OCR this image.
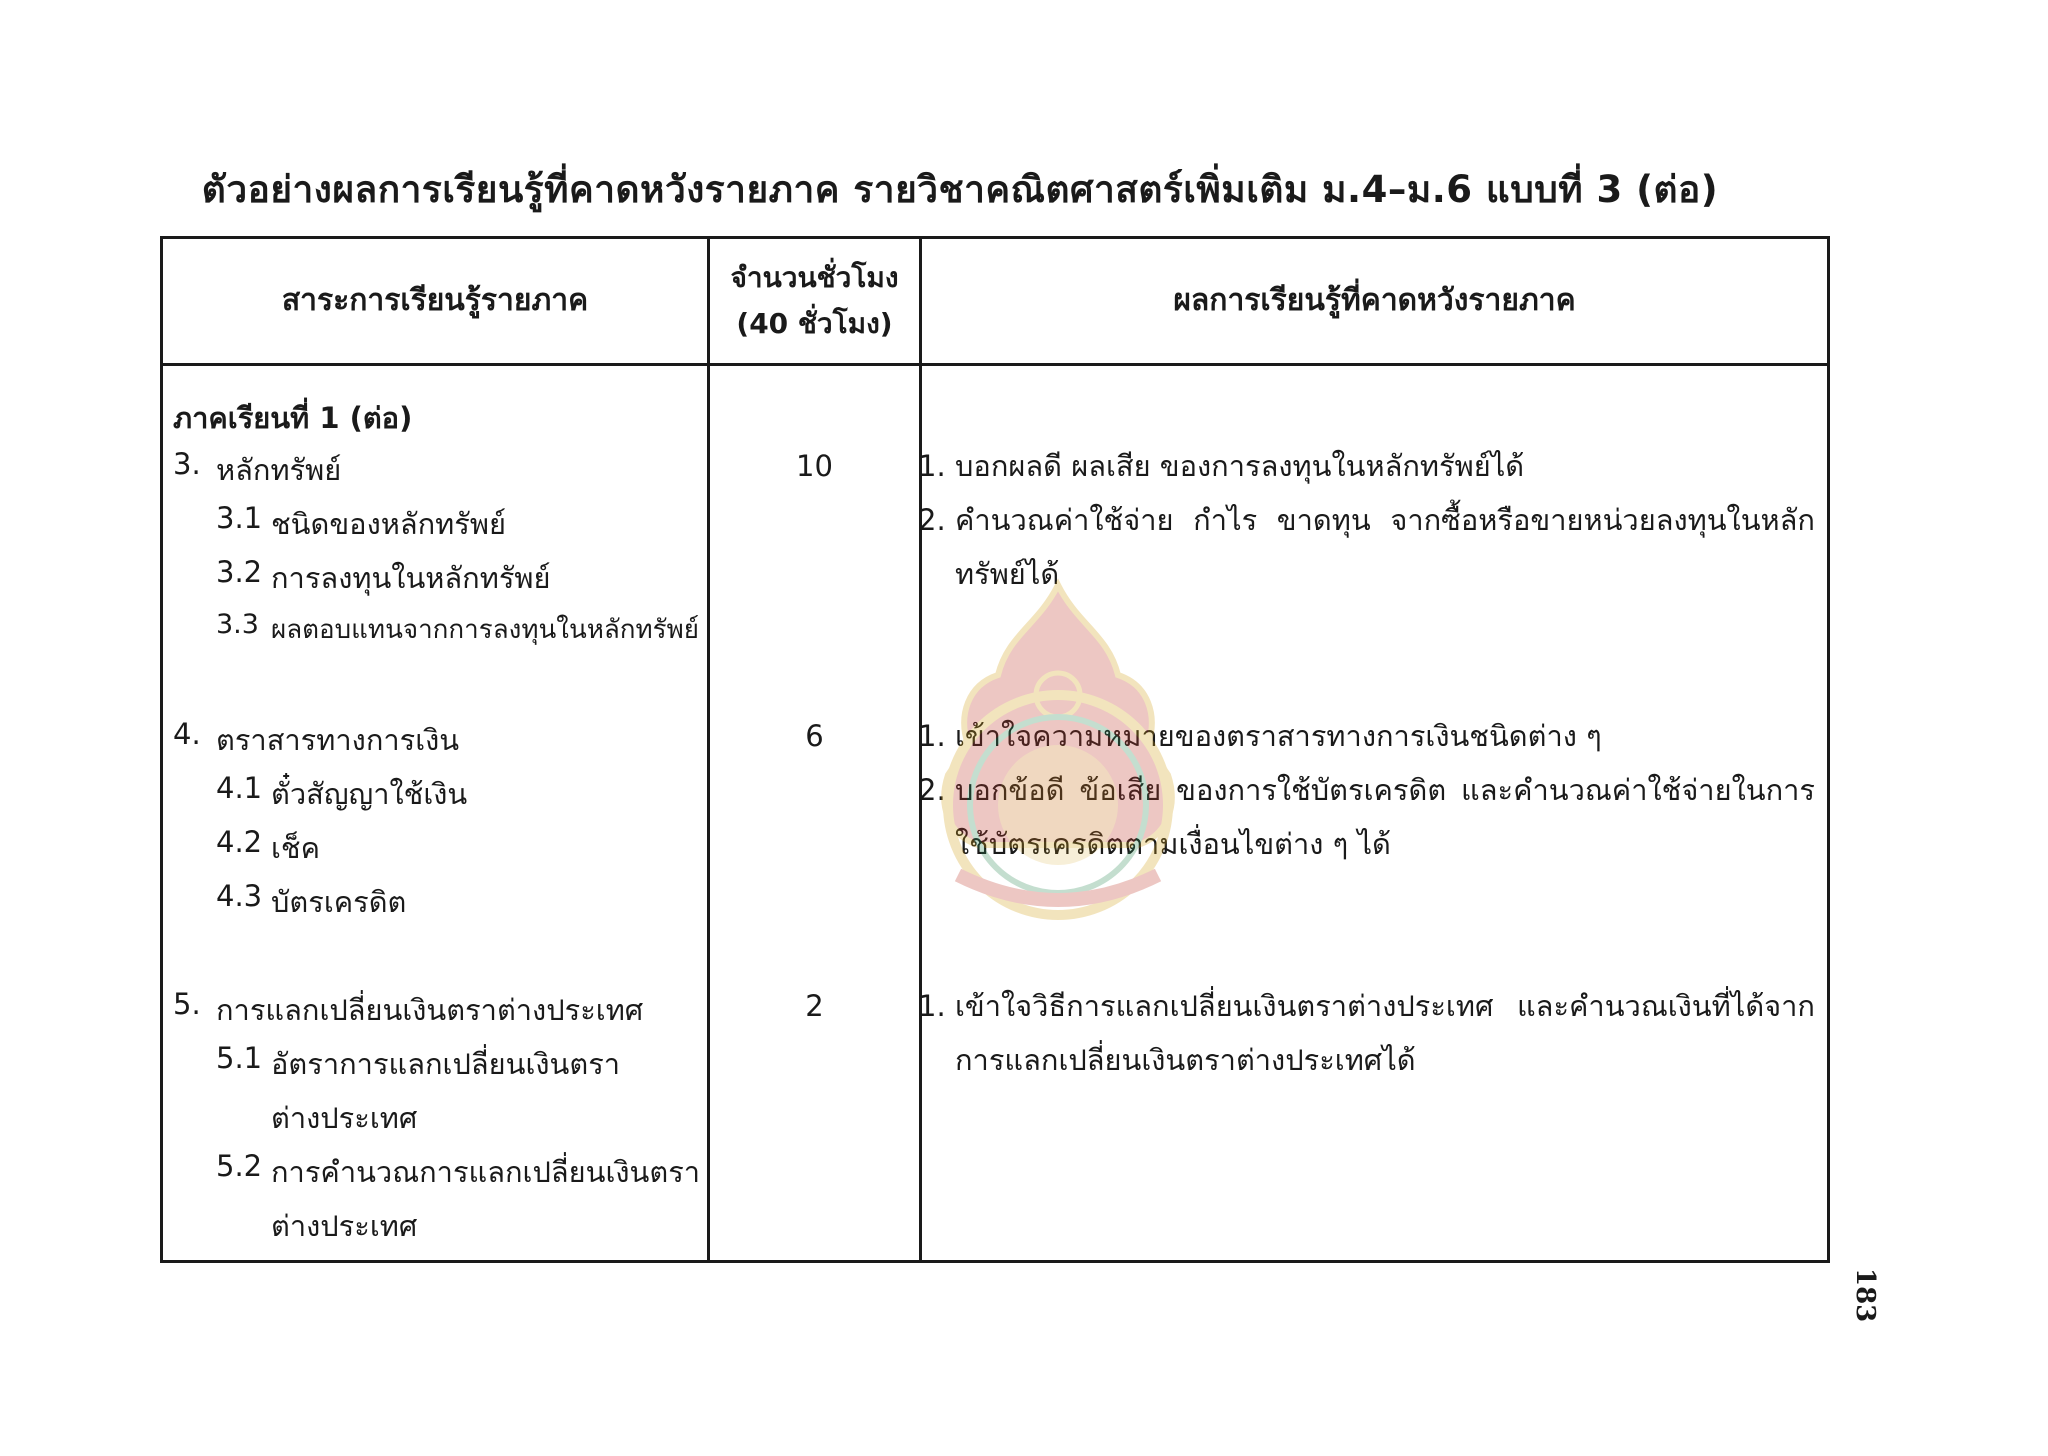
ตัวอย่างผลการเรียนรู้ที่คาดหวังรายภาค รายวิชาคณิตศาสตร์เพิ่มเติม ม.4–ม.6 แบบที่ 3 (ต่อ)
สาระการเรียนรู้รายภาค
จำนวนชั่วโมง
(40 ชั่วโมง)
ผลการเรียนรู้ที่คาดหวังรายภาค
ภาคเรียนที่ 1 (ต่อ)
3. หลักทรัพย์
3.1 ชนิดของหลักทรัพย์
3.2 การลงทุนในหลักทรัพย์
3.3 ผลตอบแทนจากการลงทุนในหลักทรัพย์
10	1. บอกผลดี ผลเสีย ของการลงทุนในหลักทรัพย์ได้
2. คำนวณค่าใช้จ่าย กำไร ขาดทุน จากซื้อหรือขายหน่วยลงทุนในหลักทรัพย์ได้
4. ตราสารทางการเงิน
4.1 ตั๋วสัญญาใช้เงิน
4.2 เช็ค
4.3 บัตรเครดิต
6	1. เข้าใจความหมายของตราสารทางการเงินชนิดต่าง ๆ
2. บอกข้อดี ข้อเสีย ของการใช้บัตรเครดิต และคำนวณค่าใช้จ่ายในการใช้บัตรเครดิตตามเงื่อนไขต่าง ๆ ได้
5. การแลกเปลี่ยนเงินตราต่างประเทศ
5.1 อัตราการแลกเปลี่ยนเงินตรา
ต่างประเทศ
5.2 การคำนวณการแลกเปลี่ยนเงินตรา
ต่างประเทศ
2	1. เข้าใจวิธีการแลกเปลี่ยนเงินตราต่างประเทศ และคำนวณเงินที่ได้จากการแลกเปลี่ยนเงินตราต่างประเทศได้
183
